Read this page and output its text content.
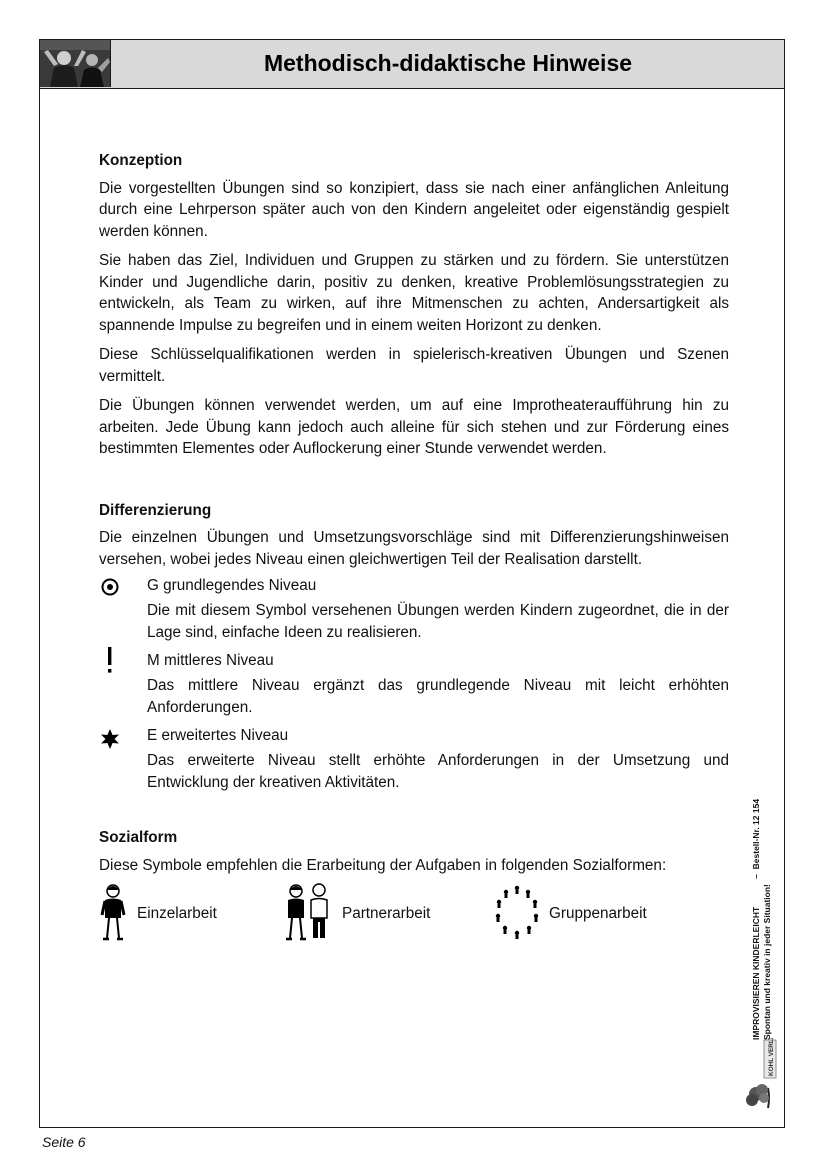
Methodisch-didaktische Hinweise
Konzeption

Die vorgestellten Übungen sind so konzipiert, dass sie nach einer anfänglichen Anleitung durch eine Lehrperson später auch von den Kindern angeleitet oder eigenständig gespielt werden können.

Sie haben das Ziel, Individuen und Gruppen zu stärken und zu fördern. Sie unterstützen Kinder und Jugendliche darin, positiv zu denken, kreative Problemlösungsstrategien zu entwickeln, als Team zu wirken, auf ihre Mitmenschen zu achten, Andersartigkeit als spannende Impulse zu begreifen und in einem weiten Horizont zu denken.

Diese Schlüsselqualifikationen werden in spielerisch-kreativen Übungen und Szenen vermittelt.

Die Übungen können verwendet werden, um auf eine Improtheateraufführung hin zu arbeiten. Jede Übung kann jedoch auch alleine für sich stehen und zur Förderung eines bestimmten Elementes oder Auflockerung einer Stunde verwendet werden.

Differenzierung

Die einzelnen Übungen und Umsetzungsvorschläge sind mit Differenzierungshinweisen versehen, wobei jedes Niveau einen gleichwertigen Teil der Realisation darstellt.

G grundlegendes Niveau
Die mit diesem Symbol versehenen Übungen werden Kindern zugeordnet, die in der Lage sind, einfache Ideen zu realisieren.
M mittleres Niveau
Das mittlere Niveau ergänzt das grundlegende Niveau mit leicht erhöhten Anforderungen.
E erweitertes Niveau
Das erweiterte Niveau stellt erhöhte Anforderungen in der Umsetzung und Entwicklung der kreativen Aktivitäten.
Sozialform

Diese Symbole empfehlen die Erarbeitung der Aufgaben in folgenden Sozialformen:

Einzelarbeit	Partnerarbeit	Gruppenarbeit	IMPROVISIEREN KINDERLEICHT–  Bestell-Nr. 12 154
Spontan und kreativ in jeder Situation!
KOHL VERLAG
Seite 6
